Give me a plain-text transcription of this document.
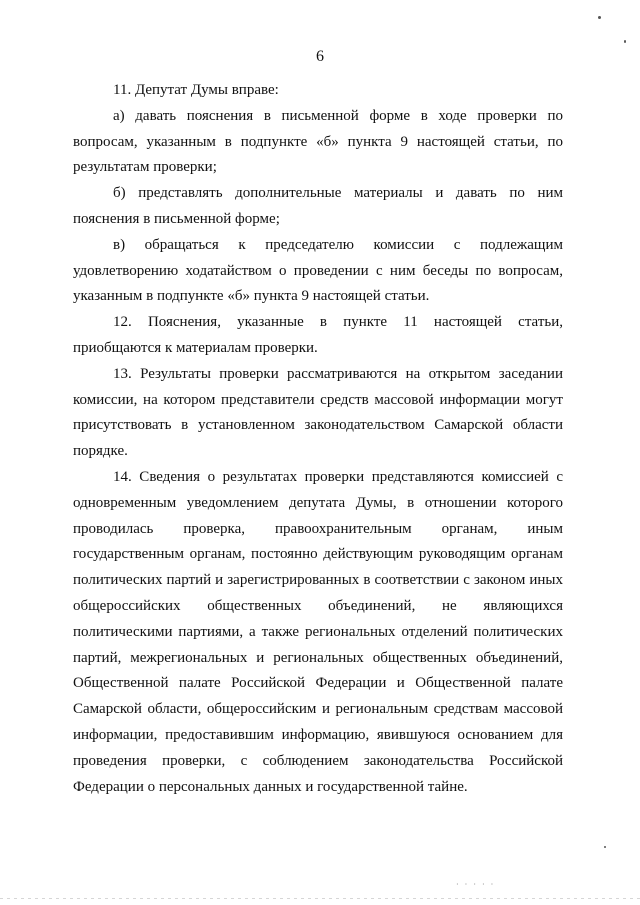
6

11. Депутат Думы вправе:

а) давать пояснения в письменной форме в ходе проверки по вопросам, указанным в подпункте «б» пункта 9 настоящей статьи, по результатам проверки;

б) представлять дополнительные материалы и давать по ним пояснения в письменной форме;

в) обращаться к председателю комиссии с подлежащим удовлетворению ходатайством о проведении с ним беседы по вопросам, указанным в подпункте «б» пункта 9 настоящей статьи.

12. Пояснения, указанные в пункте 11 настоящей статьи, приобщаются к материалам проверки.

13. Результаты проверки рассматриваются на открытом заседании комиссии, на котором представители средств массовой информации могут присутствовать в установленном законодательством Самарской области порядке.

14. Сведения о результатах проверки представляются комиссией с одновременным уведомлением депутата Думы, в отношении которого проводилась проверка, правоохранительным органам, иным государственным органам, постоянно действующим руководящим органам политических партий и зарегистрированных в соответствии с законом иных общероссийских общественных объединений, не являющихся политическими партиями, а также региональных отделений политических партий, межрегиональных и региональных общественных объединений, Общественной палате Российской Федерации и Общественной палате Самарской области, общероссийским и региональным средствам массовой информации, предоставившим информацию, явившуюся основанием для проведения проверки, с соблюдением законодательства Российской Федерации о персональных данных и государственной тайне.

· · · · ·
